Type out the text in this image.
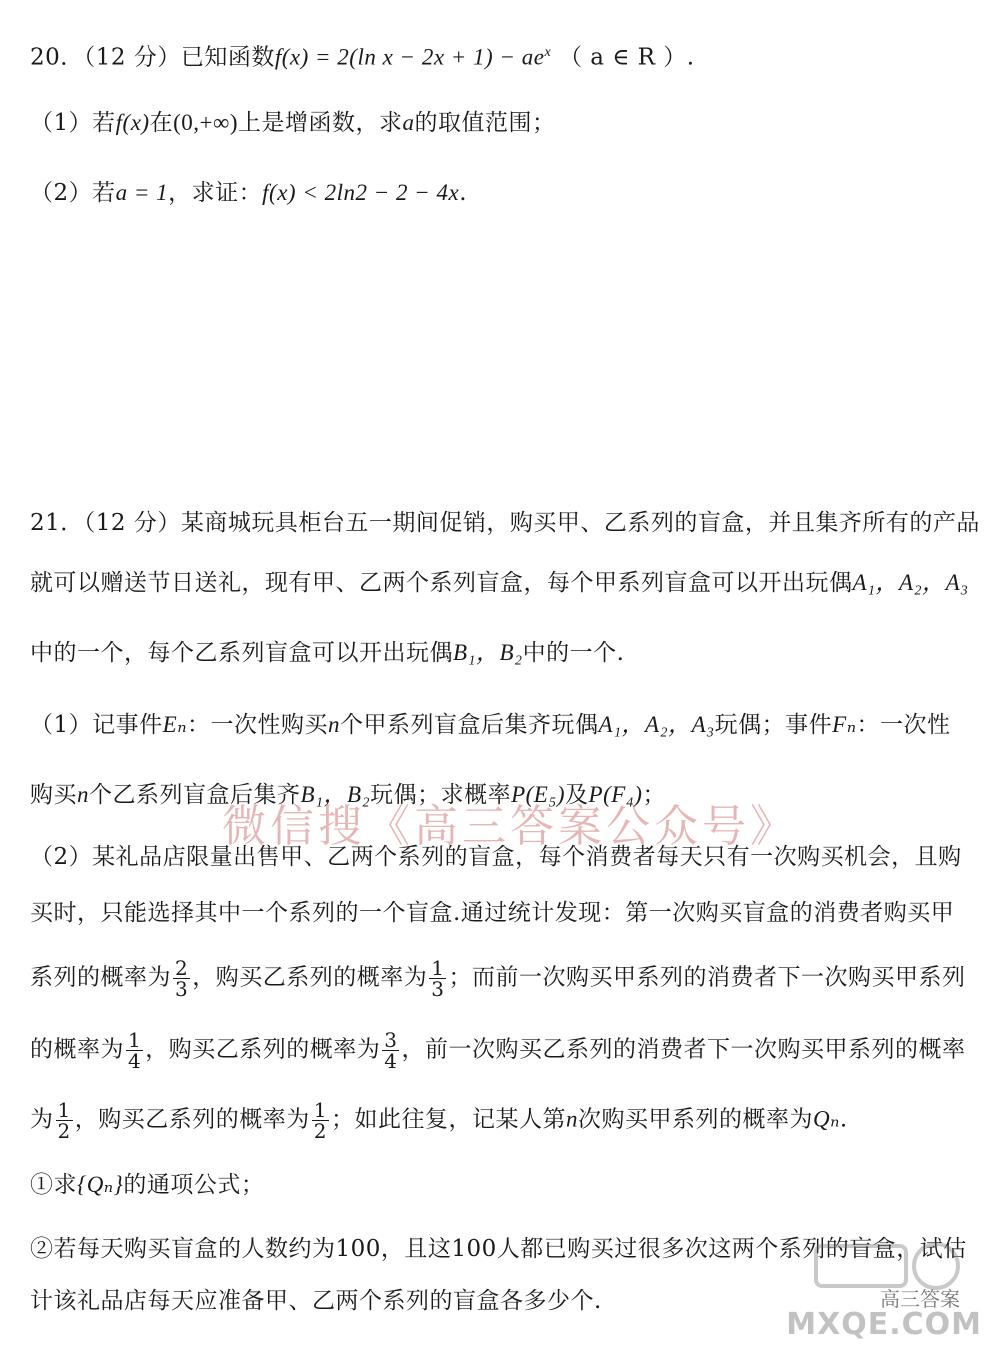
20．（12 分）已知函数f(x) = 2(ln $x - 2x + 1) - ae^x$ （ a ∈ R ）.
（1）若f(x)在(0,+∞)上是增函数，求a的取值范围；
（2）若a = 1，求证：f(x) < 2ln2 − 2 − 4x.
21．（12 分）某商城玩具柜台五一期间促销，购买甲、乙系列的盲盒，并且集齐所有的产品
就可以赠送节日送礼，现有甲、乙两个系列盲盒，每个甲系列盲盒可以开出玩偶A₁，A₂，A₃
中的一个，每个乙系列盲盒可以开出玩偶B₁，B₂中的一个.
（1）记事件Eₙ：一次性购买n个甲系列盲盒后集齐玩偶A₁，A₂，A₃玩偶；事件Fₙ：一次性
购买n个乙系列盲盒后集齐B₁，B₂玩偶；求概率P(E₅)及P(F₄)；
（2）某礼品店限量出售甲、乙两个系列的盲盒，每个消费者每天只有一次购买机会，且购
买时，只能选择其中一个系列的一个盲盒.通过统计发现：第一次购买盲盒的消费者购买甲
系列的概率为 $\frac{2}{3}$ ，购买乙系列的概率为 $\frac{1}{3}$ ；而前一次购买甲系列的消费者下一次购买甲系列
的概率为 $\frac{1}{4}$ ，购买乙系列的概率为 $\frac{3}{4}$ ，前一次购买乙系列的消费者下一次购买甲系列的概率
为 $\frac{1}{2}$ ，购买乙系列的概率为 $\frac{1}{2}$ ；如此往复，记某人第n次购买甲系列的概率为Qₙ.
①求{Qₙ}的通项公式；
②若每天购买盲盒的人数约为100，且这100人都已购买过很多次这两个系列的盲盒，试估
计该礼品店每天应准备甲、乙两个系列的盲盒各多少个.
微信搜《高三答案公众号》
高三答案
MXQE.COM
